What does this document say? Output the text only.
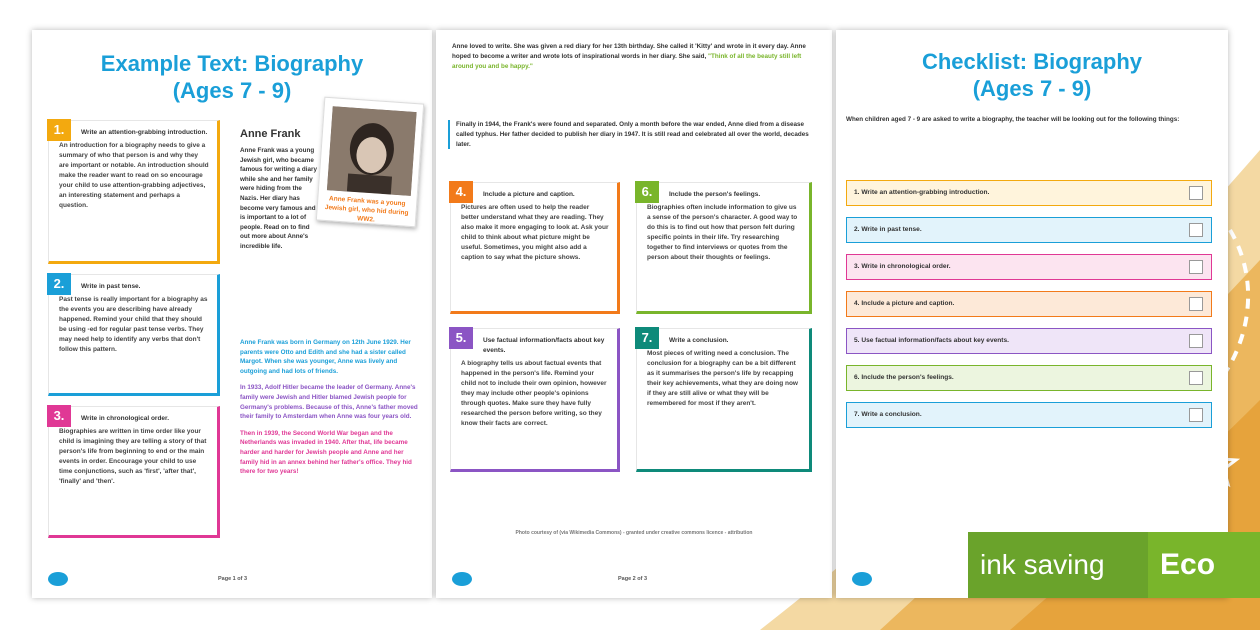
Example Text: Biography
(Ages 7 - 9)
1.	Write an attention-grabbing introduction.
An introduction for a biography needs to give a summary of who that person is and why they are important or notable. An introduction should make the reader want to read on so encourage your child to use attention-grabbing adjectives, an interesting statement and perhaps a question.
2.	Write in past tense.
Past tense is really important for a biography as the events you are describing have already happened. Remind your child that they should be using -ed for regular past tense verbs. They may need help to identify any verbs that don't follow this pattern.
3.	Write in chronological order.
Biographies are written in time order like your child is imagining they are telling a story of that person's life from beginning to end or the main events in order. Encourage your child to use time conjunctions, such as 'first', 'after that', 'finally' and 'then'.
Anne Frank
Anne Frank was a young Jewish girl, who hid during WW2.

Anne Frank was a young Jewish girl, who became famous for writing a diary while she and her family were hiding from the Nazis. Her diary has become very famous and is important to a lot of people. Read on to find out more about Anne's incredible life.

Anne Frank was born in Germany on 12th June 1929. Her parents were Otto and Edith and she had a sister called Margot. When she was younger, Anne was lively and outgoing and had lots of friends.

In 1933, Adolf Hitler became the leader of Germany. Anne's family were Jewish and Hitler blamed Jewish people for Germany's problems. Because of this, Anne's father moved their family to Amsterdam when Anne was four years old.

Then in 1939, the Second World War began and the Netherlands was invaded in 1940. After that, life became harder and harder for Jewish people and Anne and her family hid in an annex behind her father's office. They hid there for two years!

Page 1 of 3
Anne loved to write. She was given a red diary for her 13th birthday. She called it 'Kitty' and wrote in it every day. Anne hoped to become a writer and wrote lots of inspirational words in her diary. She said, "Think of all the beauty still left around you and be happy."
Finally in 1944, the Frank's were found and separated. Only a month before the war ended, Anne died from a disease called typhus. Her father decided to publish her diary in 1947. It is still read and celebrated all over the world, decades later.
4.	Include a picture and caption.
Pictures are often used to help the reader better understand what they are reading. They also make it more engaging to look at. Ask your child to think about what picture might be useful. Sometimes, you might also add a caption to say what the picture shows.
6.	Include the person's feelings.
Biographies often include information to give us a sense of the person's character. A good way to do this is to find out how that person felt during specific points in their life. Try researching together to find interviews or quotes from the person about their thoughts or feelings.
5.	Use factual information/facts about key events.
A biography tells us about factual events that happened in the person's life. Remind your child not to include their own opinion, however they may include other people's opinions through quotes. Make sure they have fully researched the person before writing, so they know their facts are correct.
7.	Write a conclusion.
Most pieces of writing need a conclusion. The conclusion for a biography can be a bit different as it summarises the person's life by recapping their key achievements, what they are doing now if they are still alive or what they will be remembered for most if they aren't.
Photo courtesy of (via Wikimedia Commons) - granted under creative commons licence - attribution
Page 2 of 3
Checklist: Biography
(Ages 7 - 9)
When children aged 7 - 9 are asked to write a biography, the teacher will be looking out for the following things:
1. Write an attention-grabbing introduction.
2. Write in past tense.
3. Write in chronological order.
4. Include a picture and caption.
5. Use factual information/facts about key events.
6. Include the person's feelings.
7. Write a conclusion.
ink saving	Eco
